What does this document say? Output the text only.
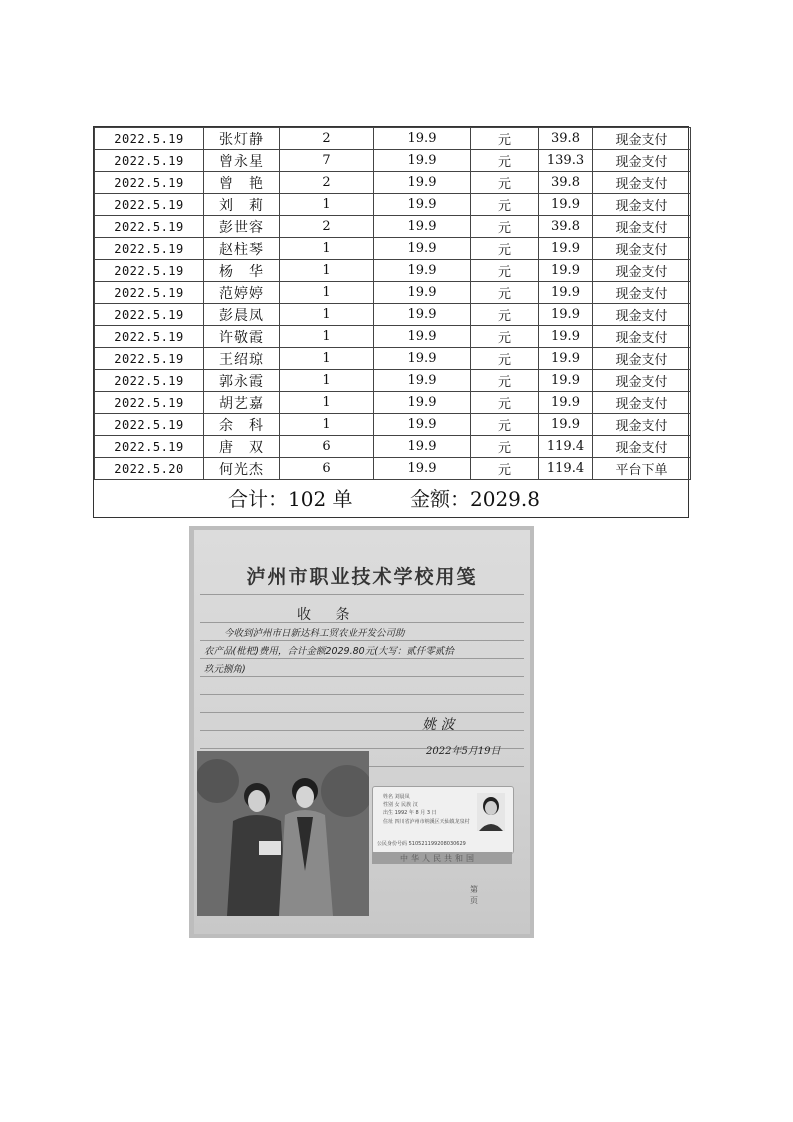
2022.5.19	张灯静	2	19.9	元	39.8	现金支付
2022.5.19	曾永星	7	19.9	元	139.3	现金支付
2022.5.19	曾　艳	2	19.9	元	39.8	现金支付
2022.5.19	刘　莉	1	19.9	元	19.9	现金支付
2022.5.19	彭世容	2	19.9	元	39.8	现金支付
2022.5.19	赵柱琴	1	19.9	元	19.9	现金支付
2022.5.19	杨　华	1	19.9	元	19.9	现金支付
2022.5.19	范婷婷	1	19.9	元	19.9	现金支付
2022.5.19	彭晨凤	1	19.9	元	19.9	现金支付
2022.5.19	许敬霞	1	19.9	元	19.9	现金支付
2022.5.19	王绍琼	1	19.9	元	19.9	现金支付
2022.5.19	郭永霞	1	19.9	元	19.9	现金支付
2022.5.19	胡艺嘉	1	19.9	元	19.9	现金支付
2022.5.19	余　科	1	19.9	元	19.9	现金支付
2022.5.19	唐　双	6	19.9	元	119.4	现金支付
2022.5.20	何光杰	6	19.9	元	119.4	平台下单
合计：102 单	金额：2029.8
泸州市职业技术学校用笺
收 条
今收到泸州市日新达科工贸农业开发公司助
农产品(枇杷)费用，合计金额2029.80元(大写：贰仟零贰拾
玖元捌角)
姚 波
2022年5月19日
姓名 刘晨凤
性别 女 民族 汉
出生 1992 年 8 月 3 日
住址 四川省泸州市纳溪区天仙镇龙泉村
公民身份号码 510521199208030629
中华人民共和国
第 页
